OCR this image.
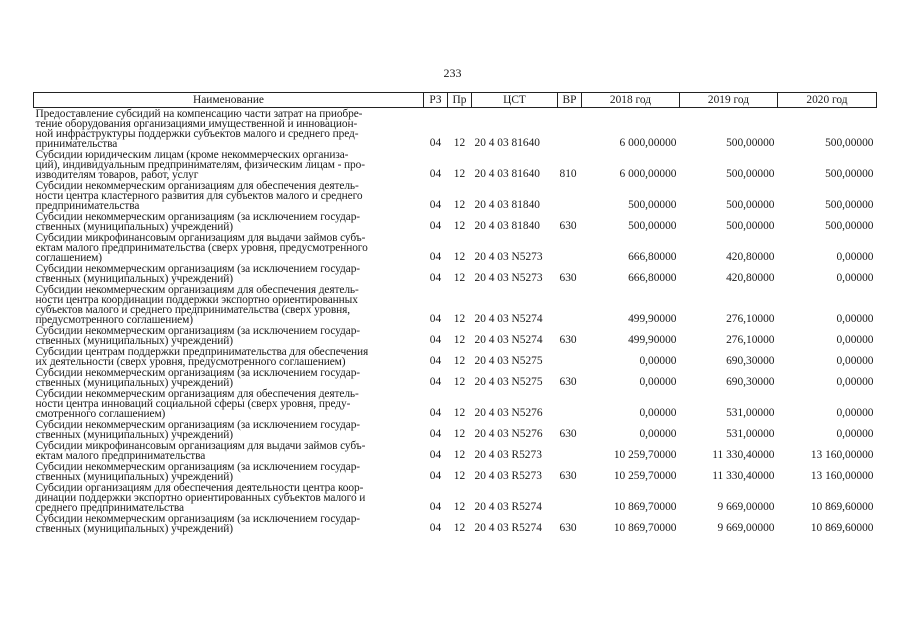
233
Наименование	РЗ	Пр	ЦСТ	ВР	2018 год	2019 год	2020 год

Предоставление субсидий на компенсацию части затрат на приобре-
тение оборудования организациями имущественной и инновацион-
ной инфраструктуры поддержки субъектов малого и среднего пред-
принимательства	04	12	20 4 03 81640		6 000,00000	500,00000	500,00000

Субсидии юридическим лицам (кроме некоммерческих организа-
ций), индивидуальным предпринимателям, физическим лицам - про-
изводителям товаров, работ, услуг	04	12	20 4 03 81640	810	6 000,00000	500,00000	500,00000

Субсидии некоммерческим организациям для обеспечения деятель-
ности центра кластерного развития для субъектов малого и среднего
предпринимательства	04	12	20 4 03 81840		500,00000	500,00000	500,00000

Субсидии некоммерческим организациям (за исключением государ-
ственных (муниципальных) учреждений)	04	12	20 4 03 81840	630	500,00000	500,00000	500,00000

Субсидии микрофинансовым организациям для выдачи займов субъ-
ектам малого предпринимательства (сверх уровня, предусмотренного
соглашением)	04	12	20 4 03 N5273		666,80000	420,80000	0,00000

Субсидии некоммерческим организациям (за исключением государ-
ственных (муниципальных) учреждений)	04	12	20 4 03 N5273	630	666,80000	420,80000	0,00000

Субсидии некоммерческим организациям для обеспечения деятель-
ности центра координации поддержки экспортно ориентированных
субъектов малого и среднего предпринимательства (сверх уровня,
предусмотренного соглашением)	04	12	20 4 03 N5274		499,90000	276,10000	0,00000

Субсидии некоммерческим организациям (за исключением государ-
ственных (муниципальных) учреждений)	04	12	20 4 03 N5274	630	499,90000	276,10000	0,00000

Субсидии центрам поддержки предпринимательства для обеспечения
их деятельности (сверх уровня, предусмотренного соглашением)	04	12	20 4 03 N5275		0,00000	690,30000	0,00000

Субсидии некоммерческим организациям (за исключением государ-
ственных (муниципальных) учреждений)	04	12	20 4 03 N5275	630	0,00000	690,30000	0,00000

Субсидии некоммерческим организациям для обеспечения деятель-
ности центра инноваций социальной сферы (сверх уровня, преду-
смотренного соглашением)	04	12	20 4 03 N5276		0,00000	531,00000	0,00000

Субсидии некоммерческим организациям (за исключением государ-
ственных (муниципальных) учреждений)	04	12	20 4 03 N5276	630	0,00000	531,00000	0,00000

Субсидии микрофинансовым организациям для выдачи займов субъ-
ектам малого предпринимательства	04	12	20 4 03 R5273		10 259,70000	11 330,40000	13 160,00000

Субсидии некоммерческим организациям (за исключением государ-
ственных (муниципальных) учреждений)	04	12	20 4 03 R5273	630	10 259,70000	11 330,40000	13 160,00000

Субсидии организациям для обеспечения деятельности центра коор-
динации поддержки экспортно ориентированных субъектов малого и
среднего предпринимательства	04	12	20 4 03 R5274		10 869,70000	9 669,00000	10 869,60000

Субсидии некоммерческим организациям (за исключением государ-
ственных (муниципальных) учреждений)	04	12	20 4 03 R5274	630	10 869,70000	9 669,00000	10 869,60000
